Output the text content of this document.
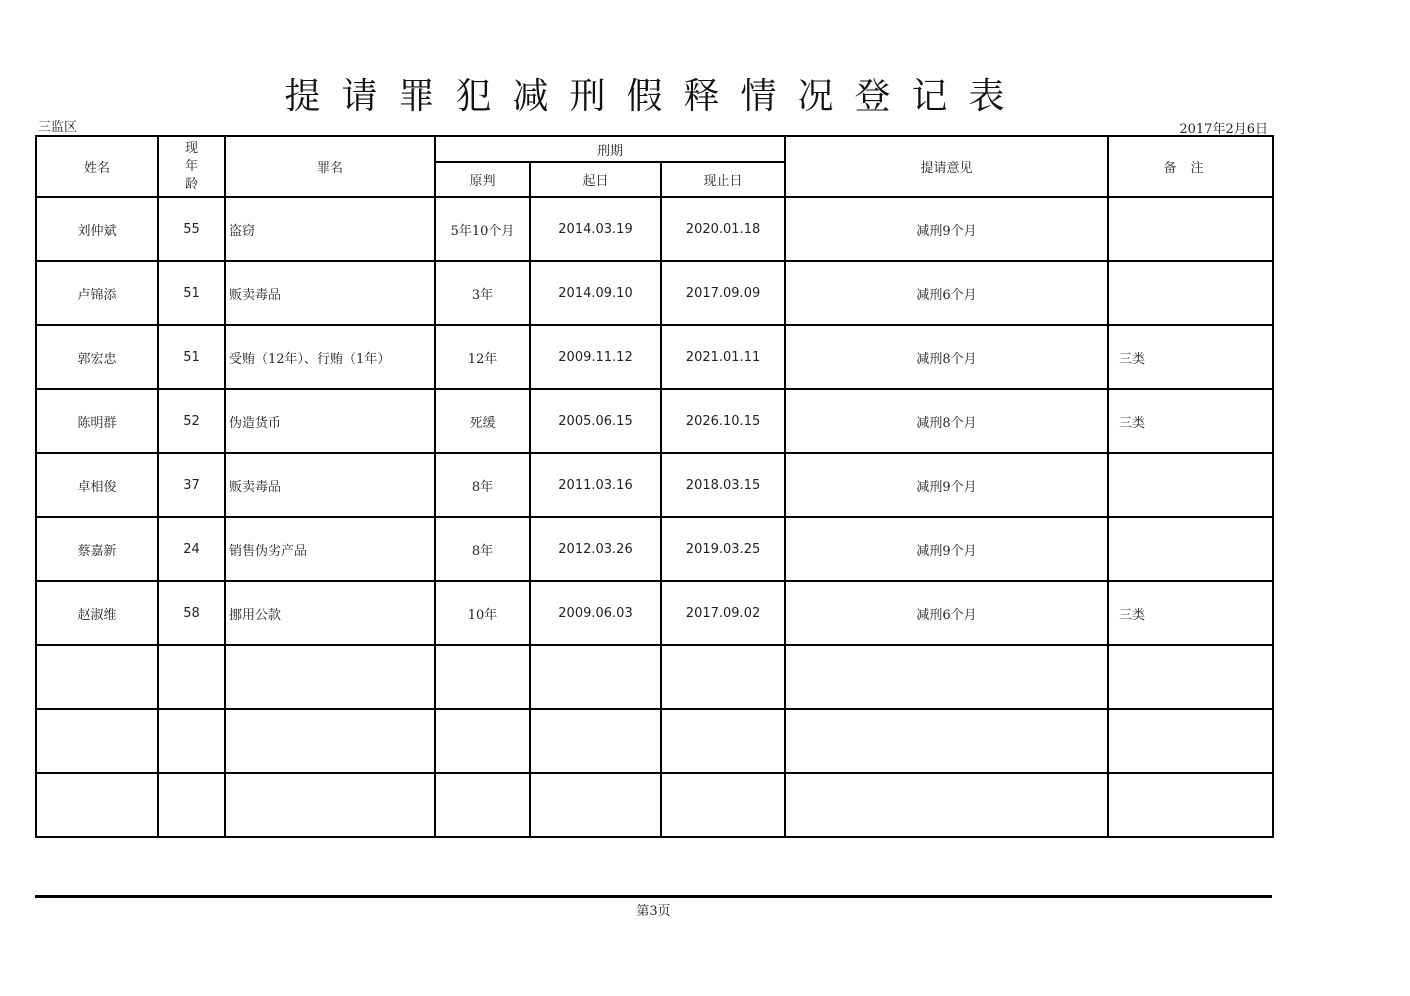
提请罪犯减刑假释情况登记表
三监区	2017年2月6日
姓名	现
年
龄	罪名	刑期			提请意见	备注
			原判	起日	现止日		
刘仲斌	55	盗窃	5年10个月	2014.03.19	2020.01.18	减刑9个月	
卢锦添	51	贩卖毒品	3年	2014.09.10	2017.09.09	减刑6个月	
郭宏忠	51	受贿（12年）、行贿（1年）	12年	2009.11.12	2021.01.11	减刑8个月	三类
陈明群	52	伪造货币	死缓	2005.06.15	2026.10.15	减刑8个月	三类
卓相俊	37	贩卖毒品	8年	2011.03.16	2018.03.15	减刑9个月	
蔡嘉新	24	销售伪劣产品	8年	2012.03.26	2019.03.25	减刑9个月	
赵淑维	58	挪用公款	10年	2009.06.03	2017.09.02	减刑6个月	三类

第3页
